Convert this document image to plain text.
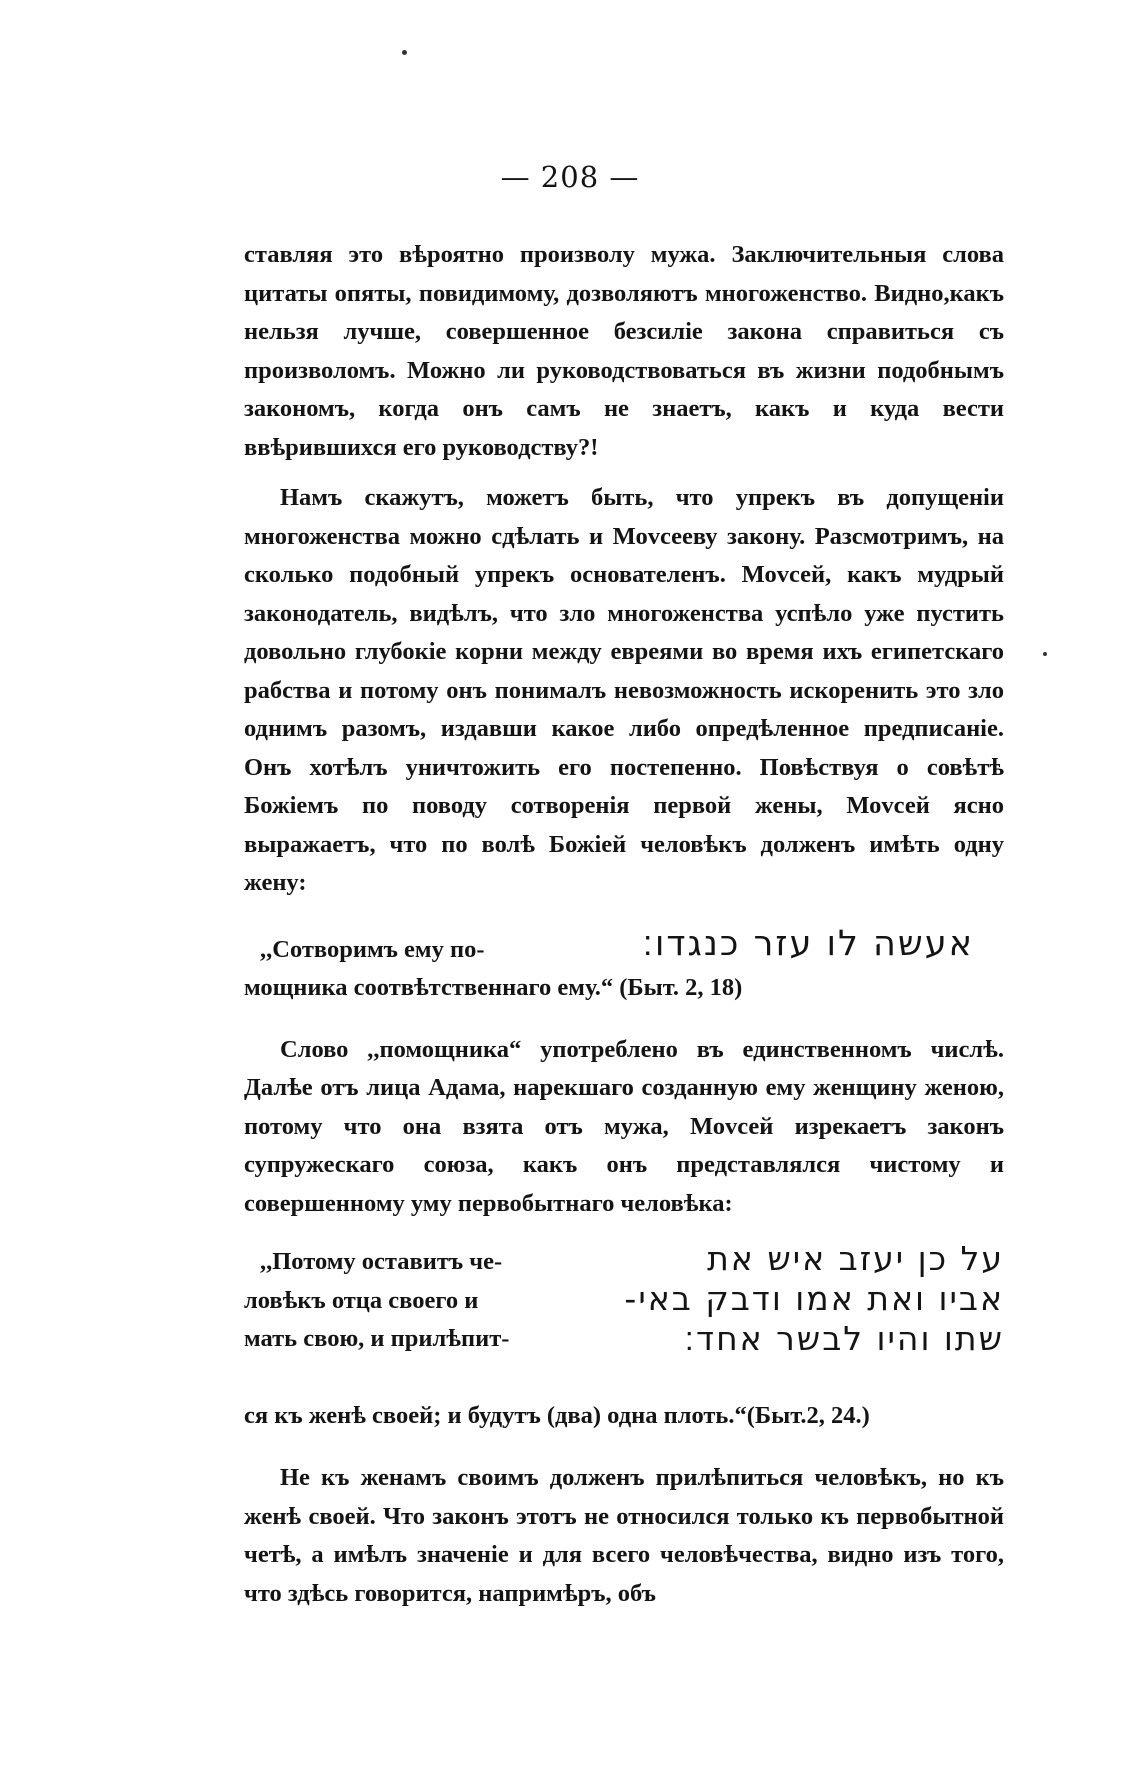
— 208 —

ставляя это вѣроятно произволу мужа. Заключительныя слова цитаты опяты, повидимому, дозволяютъ многоженство. Видно,какъ нельзя лучше, совершенное безсиліе закона справиться съ произволомъ. Можно ли руководствоваться въ жизни подобнымъ закономъ, когда онъ самъ не знаетъ, какъ и куда вести ввѣрившихся его руководству?!

Намъ скажутъ, можетъ быть, что упрекъ въ допущеніи многоженства можно сдѣлать и Моvсееву закону. Разсмотримъ, на сколько подобный упрекъ основателенъ. Моvсей, какъ мудрый законодатель, видѣлъ, что зло многоженства успѣло уже пустить довольно глубокіе корни между евреями во время ихъ египетскаго рабства и потому онъ понималъ невозможность искоренить это зло однимъ разомъ, издавши какое либо опредѣленное предписаніе. Онъ хотѣлъ уничтожить его постепенно. Повѣствуя о совѣтѣ Божіемъ по поводу сотворенія первой жены, Моvсей ясно выражаетъ, что по волѣ Божіей человѣкъ долженъ имѣть одну жену:

,,Сотворимъ ему по-
мощника соотвѣтственнаго ему.“ (Быт. 2, 18)
אעשה לו עזר כנגדו׃

Слово ,,помощника“ употреблено въ единственномъ числѣ. Далѣе отъ лица Адама, нарекшаго созданную ему женщину женою, потому что она взята отъ мужа, Моvсей изрекаетъ законъ супружескаго союза, какъ онъ представлялся чистому и совершенному уму первобытнаго человѣка:

,,Потому оставитъ че-
ловѣкъ отца своего и
мать свою, и прилѣпит-
על כן יעזב איש את
אביו ואת אמו ודבק באי-
שתו והיו לבשר אחד׃
ся къ женѣ своей; и будутъ (два) одна плоть.“(Быт.2, 24.)

Не къ женамъ своимъ долженъ прилѣпиться человѣкъ, но къ женѣ своей. Что законъ этотъ не относился только къ первобытной четѣ, а имѣлъ значеніе и для всего человѣчества, видно изъ того, что здѣсь говорится, напримѣръ, объ
